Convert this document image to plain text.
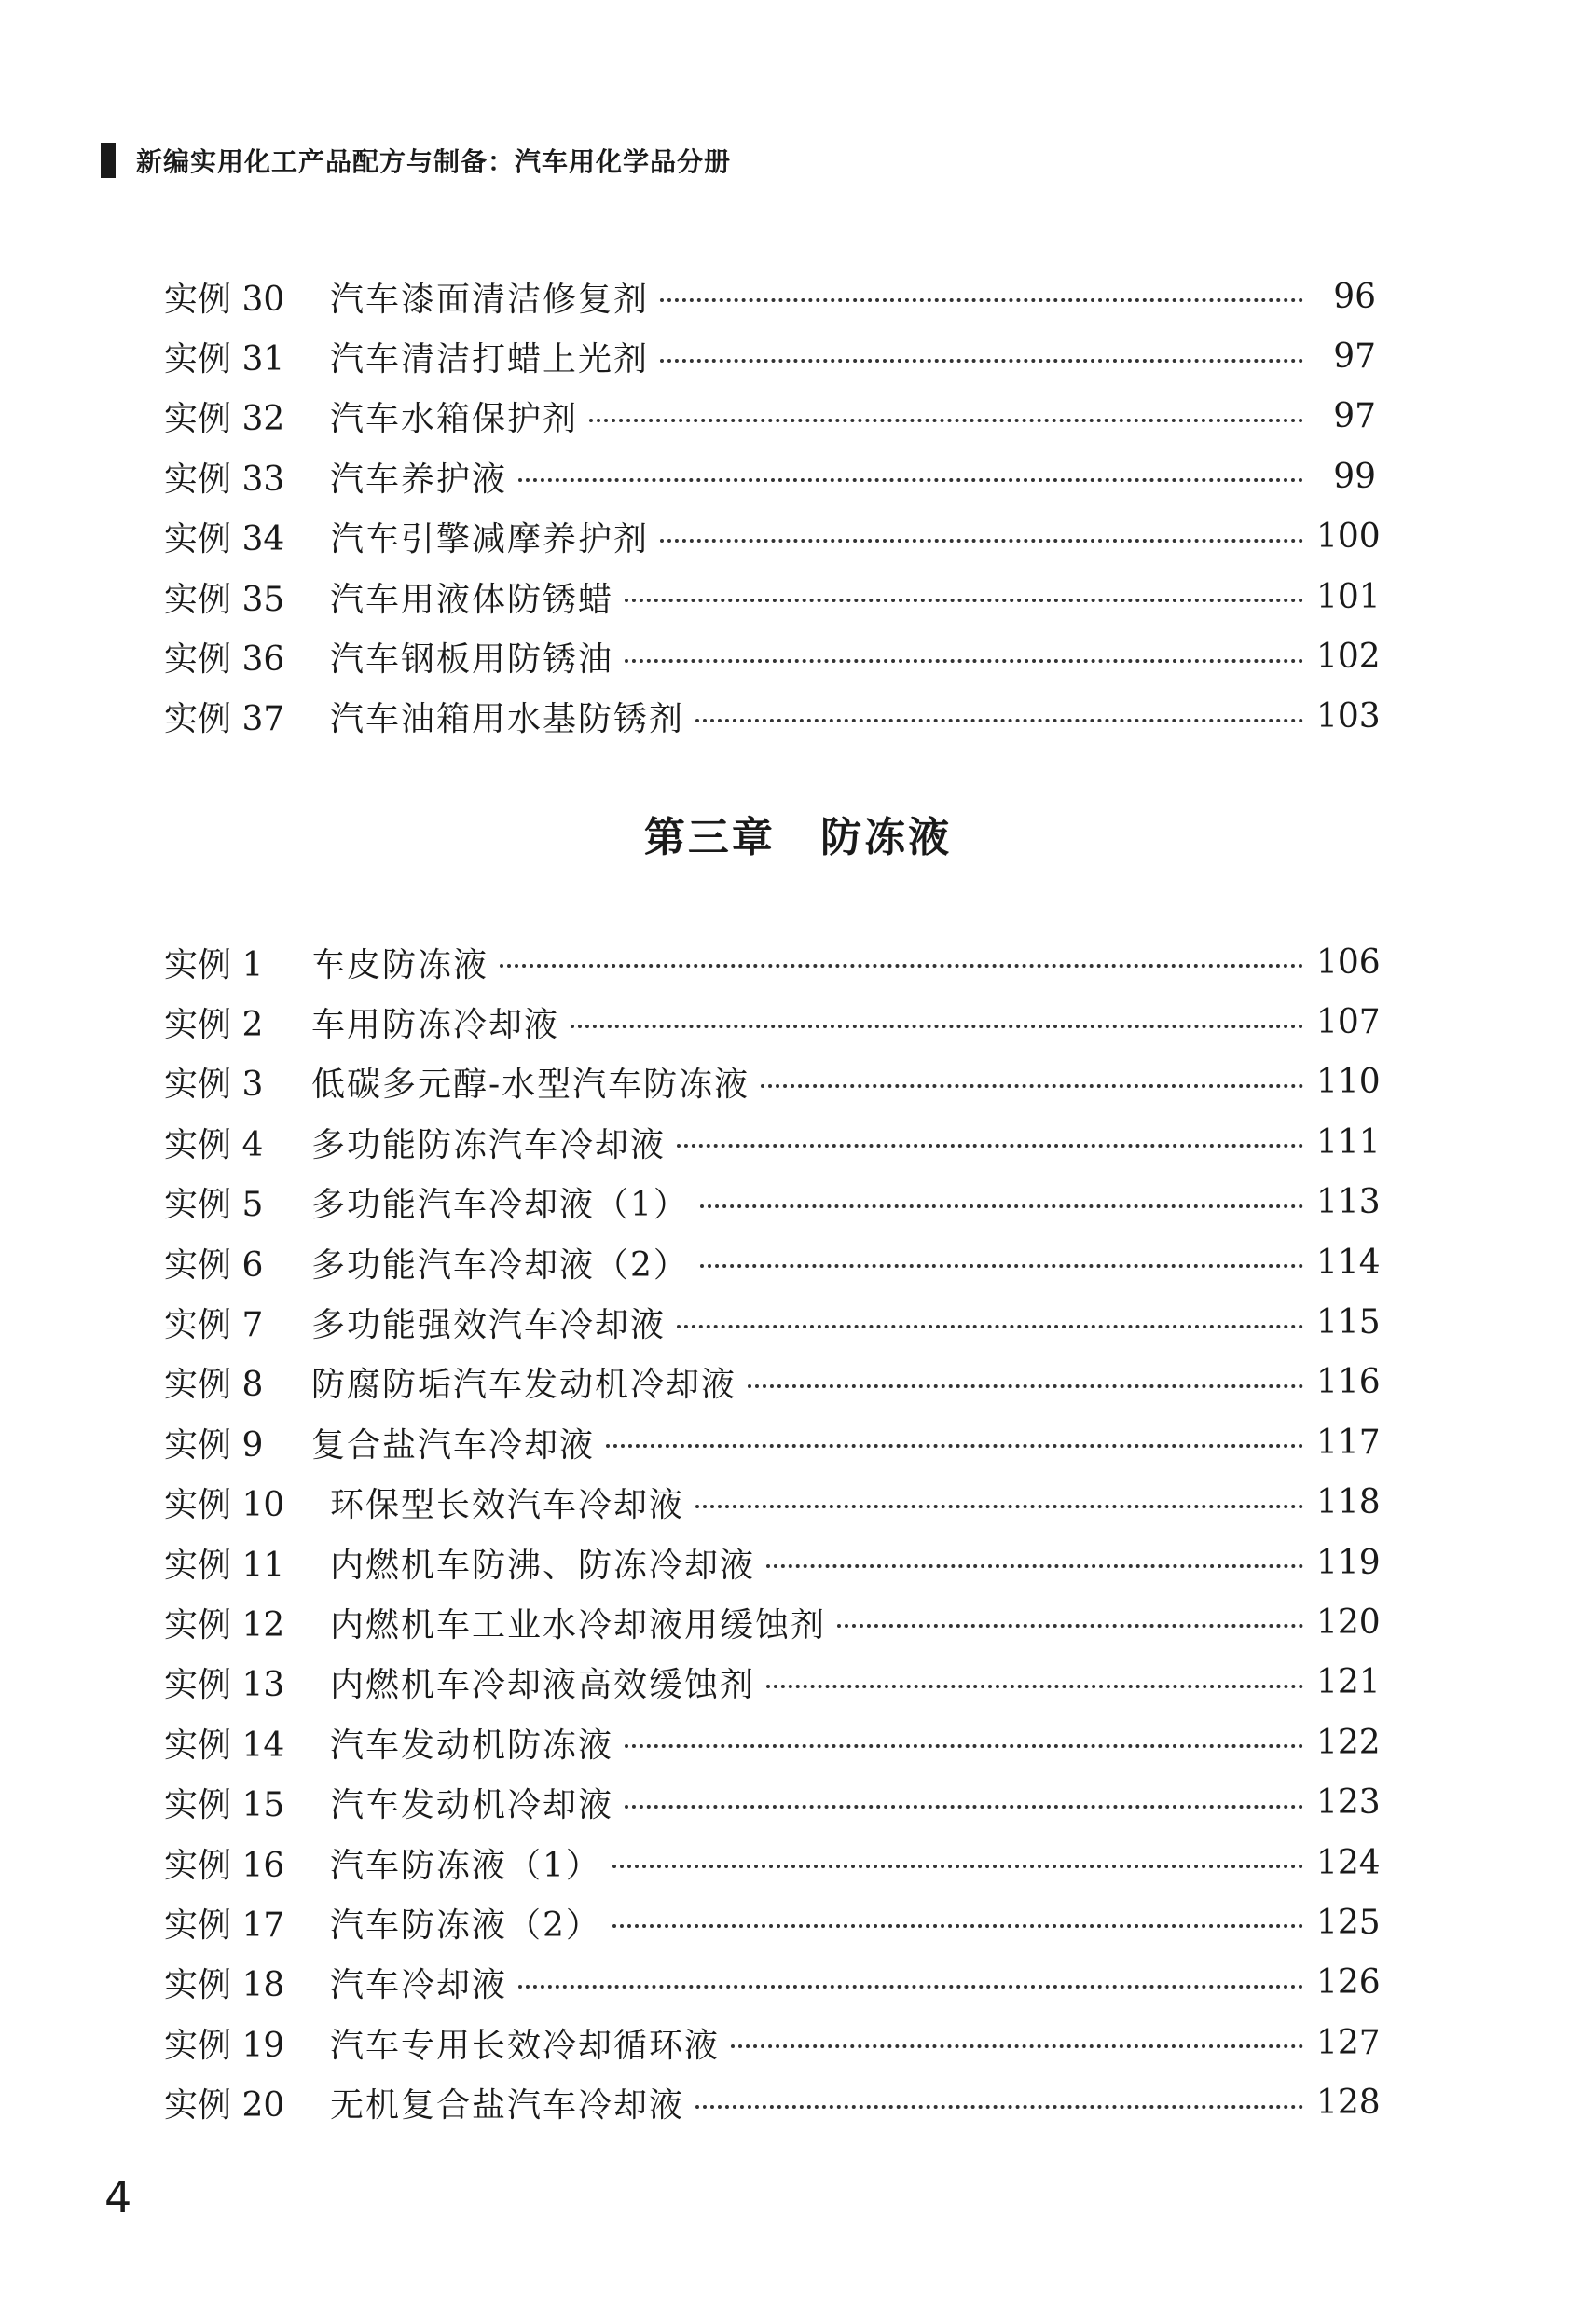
新编实用化工产品配方与制备：汽车用化学品分册
实例 30	汽车漆面清洁修复剂	96
实例 31	汽车清洁打蜡上光剂	97
实例 32	汽车水箱保护剂	97
实例 33	汽车养护液	99
实例 34	汽车引擎减摩养护剂	100
实例 35	汽车用液体防锈蜡	101
实例 36	汽车钢板用防锈油	102
实例 37	汽车油箱用水基防锈剂	103
第三章 防冻液
实例 1	车皮防冻液	106
实例 2	车用防冻冷却液	107
实例 3	低碳多元醇-水型汽车防冻液	110
实例 4	多功能防冻汽车冷却液	111
实例 5	多功能汽车冷却液（1）	113
实例 6	多功能汽车冷却液（2）	114
实例 7	多功能强效汽车冷却液	115
实例 8	防腐防垢汽车发动机冷却液	116
实例 9	复合盐汽车冷却液	117
实例 10	环保型长效汽车冷却液	118
实例 11	内燃机车防沸、防冻冷却液	119
实例 12	内燃机车工业水冷却液用缓蚀剂	120
实例 13	内燃机车冷却液高效缓蚀剂	121
实例 14	汽车发动机防冻液	122
实例 15	汽车发动机冷却液	123
实例 16	汽车防冻液（1）	124
实例 17	汽车防冻液（2）	125
实例 18	汽车冷却液	126
实例 19	汽车专用长效冷却循环液	127
实例 20	无机复合盐汽车冷却液	128
4
